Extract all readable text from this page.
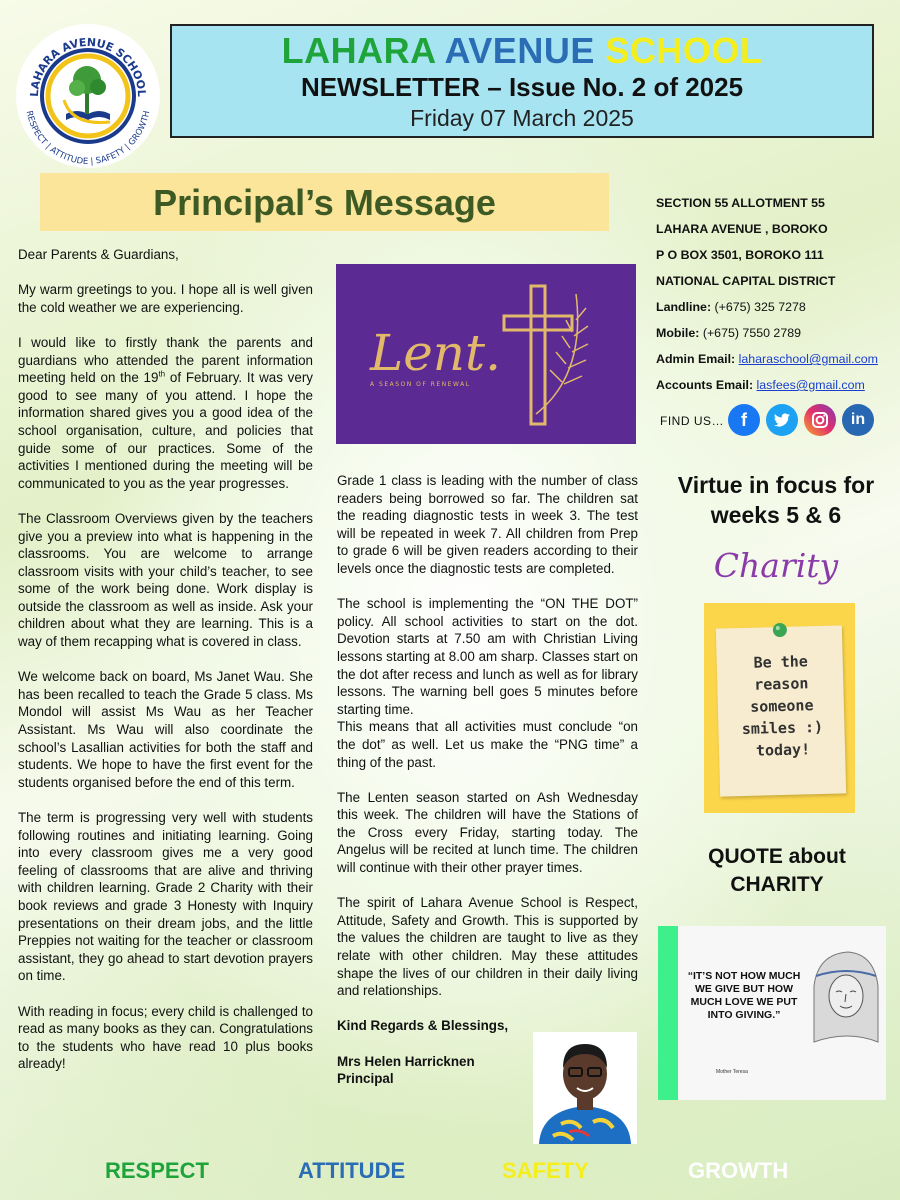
LAHARA AVENUE SCHOOL
RESPECT | ATTITUDE | SAFETY | GROWTH
LAHARA AVENUE SCHOOL
NEWSLETTER – Issue No. 2 of 2025
Friday 07 March 2025
Principal’s Message

Dear Parents & Guardians,

My warm greetings to you. I hope all is well given the cold weather we are experiencing.

I would like to firstly thank the parents and guardians who attended the parent information meeting held on the 19th of February. It was very good to see many of you attend. I hope the information shared gives you a good idea of the school organisation, culture, and policies that guide some of our practices. Some of the activities I mentioned during the meeting will be communicated to you as the year progresses.

The Classroom Overviews given by the teachers give you a preview into what is happening in the classrooms. You are welcome to arrange classroom visits with your child’s teacher, to see some of the work being done. Work display is outside the classroom as well as inside. Ask your children about what they are learning. This is a way of them recapping what is covered in class.

We welcome back on board, Ms Janet Wau. She has been recalled to teach the Grade 5 class. Ms Mondol will assist Ms Wau as her Teacher Assistant. Ms Wau will also coordinate the school’s Lasallian activities for both the staff and students. We hope to have the first event for the students organised before the end of this term.

The term is progressing very well with students following routines and initiating learning. Going into every classroom gives me a very good feeling of classrooms that are alive and thriving with children learning. Grade 2 Charity with their book reviews and grade 3 Honesty with Inquiry presentations on their dream jobs, and the little Preppies not waiting for the teacher or classroom assistant, they go ahead to start devotion prayers on time.

With reading in focus; every child is challenged to read as many books as they can. Congratulations to the students who have read 10 plus books already!

Lent.
A SEASON OF RENEWAL

Grade 1 class is leading with the number of class readers being borrowed so far. The children sat the reading diagnostic tests in week 3. The test will be repeated in week 7. All children from Prep to grade 6 will be given readers according to their levels once the diagnostic tests are completed.

The school is implementing the “ON THE DOT” policy. All school activities to start on the dot. Devotion starts at 7.50 am with Christian Living lessons starting at 8.00 am sharp. Classes start on the dot after recess and lunch as well as for library lessons. The warning bell goes 5 minutes before starting time.
This means that all activities must conclude “on the dot” as well. Let us make the “PNG time” a thing of the past.

The Lenten season started on Ash Wednesday this week. The children will have the Stations of the Cross every Friday, starting today. The Angelus will be recited at lunch time. The children will continue with their other prayer times.

The spirit of Lahara Avenue School is Respect, Attitude, Safety and Growth. This is supported by the values the children are taught to live as they relate with other children. May these attitudes shape the lives of our children in their daily living and relationships.

Kind Regards & Blessings,

Mrs Helen Harricknen
Principal
SECTION 55 ALLOTMENT 55
LAHARA AVENUE , BOROKO
P O BOX 3501, BOROKO 111
NATIONAL CAPITAL DISTRICT
Landline: (+675) 325 7278
Mobile: (+675) 7550 2789
Admin Email: laharaschool@gmail.com
Accounts Email: lasfees@gmail.com
FIND US… f	in
Virtue in focus for weeks 5 & 6
Charity
Be the
reason
someone
smiles :)
today!
QUOTE about CHARITY
“IT’S NOT HOW MUCH WE GIVE BUT HOW MUCH LOVE WE PUT INTO GIVING.”
Mother Teresa
RESPECT	ATTITUDE	SAFETY	GROWTH
